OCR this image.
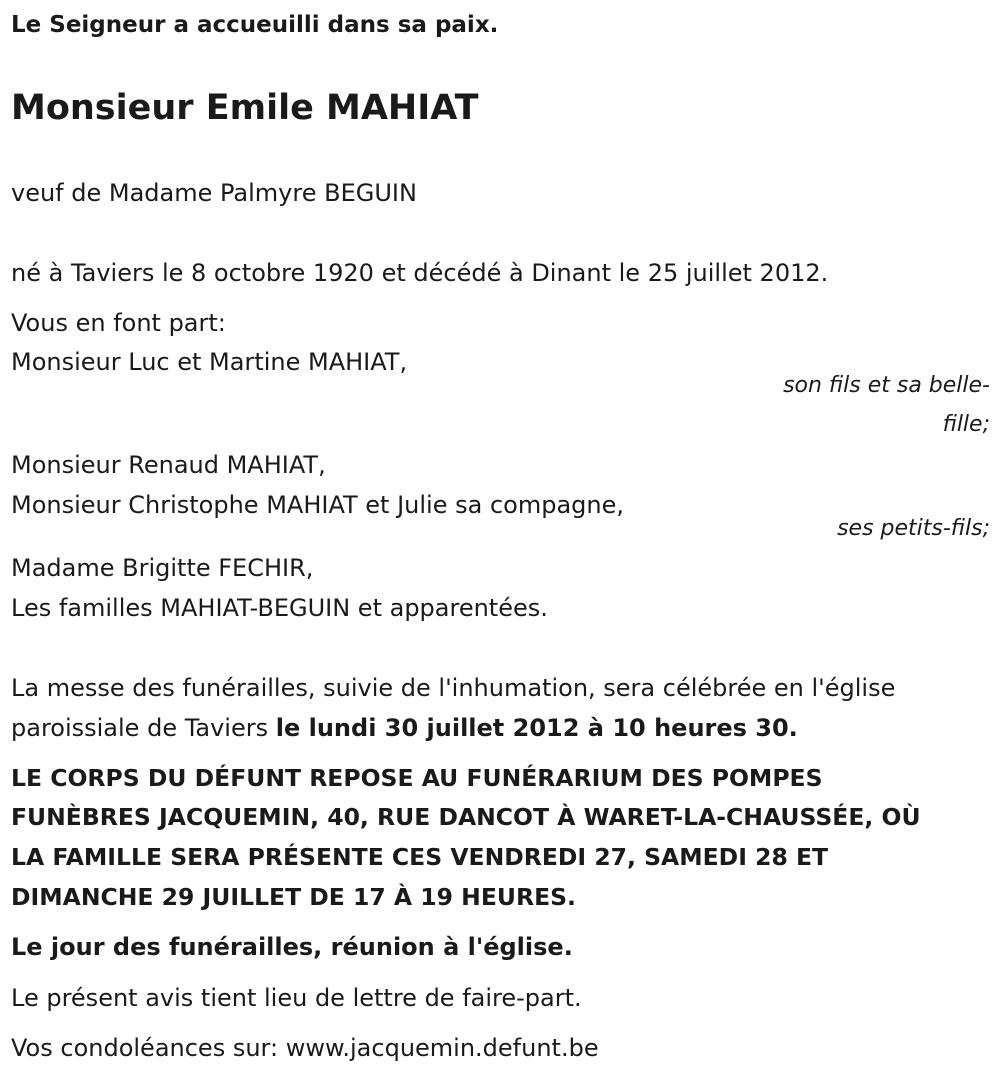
Le Seigneur a accueuilli dans sa paix.
Monsieur Emile MAHIAT
veuf de Madame Palmyre BEGUIN
né à Taviers le 8 octobre 1920 et décédé à Dinant le 25 juillet 2012.
Vous en font part:
Monsieur Luc et Martine MAHIAT,
son fils et sa belle-
fille;
Monsieur Renaud MAHIAT,
Monsieur Christophe MAHIAT et Julie sa compagne,
ses petits-fils;
Madame Brigitte FECHIR,
Les familles MAHIAT-BEGUIN et apparentées.
La messe des funérailles, suivie de l'inhumation, sera célébrée en l'église
paroissiale de Taviers le lundi 30 juillet 2012 à 10 heures 30.
LE CORPS DU DÉFUNT REPOSE AU FUNÉRARIUM DES POMPES
FUNÈBRES JACQUEMIN, 40, RUE DANCOT À WARET-LA-CHAUSSÉE, OÙ
LA FAMILLE SERA PRÉSENTE CES VENDREDI 27, SAMEDI 28 ET
DIMANCHE 29 JUILLET DE 17 À 19 HEURES.
Le jour des funérailles, réunion à l'église.
Le présent avis tient lieu de lettre de faire-part.
Vos condoléances sur: www.jacquemin.defunt.be
